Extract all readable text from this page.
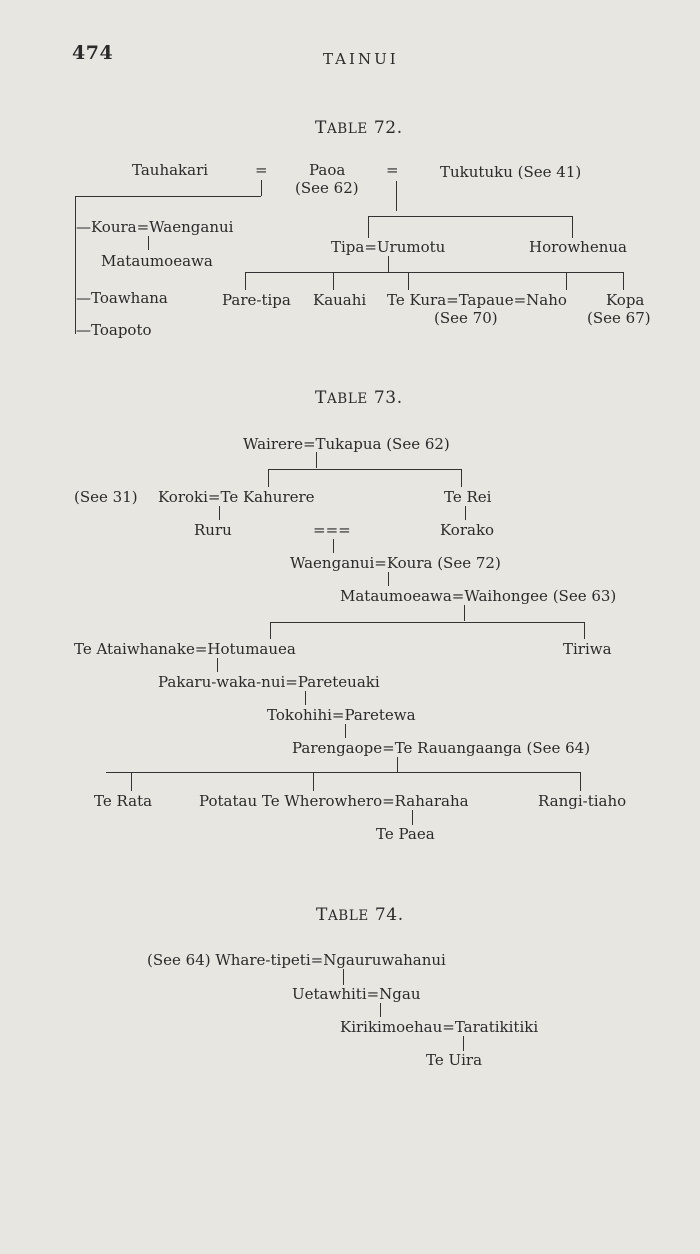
474	TAINUI
TABLE 72.
Tauhakari	=	Paoa	=	Tukutuku (See 41)
(See 62)
—Koura=Waenganui
Mataumoeawa
Tipa=Urumotu	Horowhenua
—Toawhana	Pare-tipa Kauahi Te Kura=Tapaue=Naho	Kopa
(See 70)	(See 67)
—Toapoto
TABLE 73.
Wairere=Tukapua (See 62)
(See 31) Koroki=Te Kahurere	Te Rei
Ruru	===	Korako
Waenganui=Koura (See 72)
Mataumoeawa=Waihongee (See 63)
Te Ataiwhanake=Hotumauea	Tiriwa
Pakaru-waka-nui=Pareteuaki
Tokohihi=Paretewa
Parengaope=Te Rauangaanga (See 64)
Te Rata	Potatau Te Wherowhero=Raharaha	Rangi-tiaho
Te Paea
TABLE 74.
(See 64) Whare-tipeti=Ngauruwahanui
Uetawhiti=Ngau
Kirikimoehau=Taratikitiki
Te Uira
